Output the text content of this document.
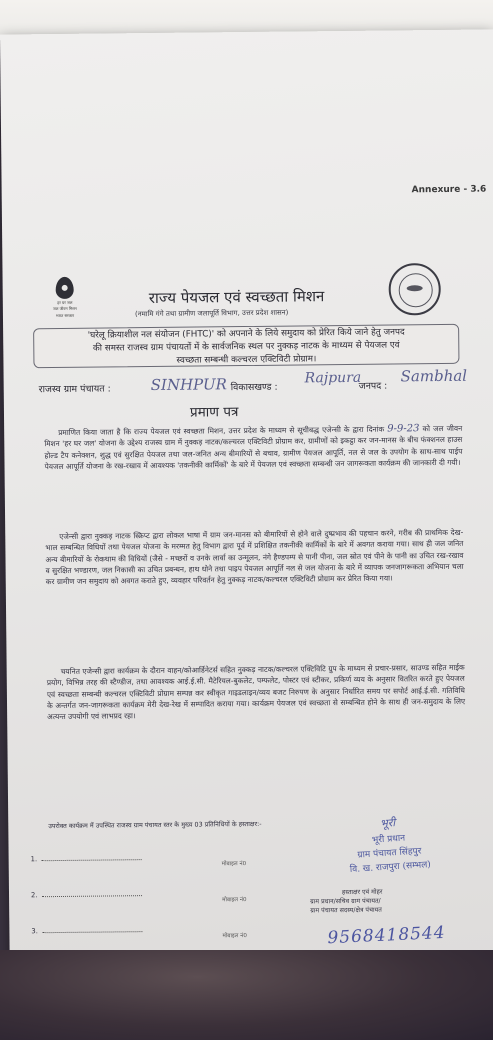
Annexure - 3.6
हर घर जल
जल जीवन मिशन
भारत सरकार
राज्य पेयजल एवं स्वच्छता मिशन
(नमामि गंगे तथा ग्रामीण जलापूर्ति विभाग, उत्तर प्रदेश शासन)
'घरेलू क्रियाशील नल संयोजन (FHTC)' को अपनाने के लिये समुदाय को प्रेरित किये जाने हेतु जनपद
की समस्त राजस्व ग्राम पंचायतों में के सार्वजनिक स्थल पर नुक्कड़ नाटक के माध्यम से पेयजल एवं
स्वच्छता सम्बन्धी कल्चरल एक्टिविटी प्रोग्राम।
राजस्व ग्राम पंचायत :	SINHPUR विकासखण्ड :
Rajpura
जनपद :
Sambhal
प्रमाण पत्र
प्रमाणित किया जाता है कि राज्य पेयजल एवं स्वच्छता मिशन, उत्तर प्रदेश के माध्यम से सूचीबद्ध एजेन्सी के द्वारा दिनांक 9-9-23 को जल जीवन मिशन 'हर घर जल' योजना के उद्देश्य राजस्व ग्राम में नुक्कड़ नाटक/कल्चरल एक्टिविटी प्रोग्राम कर, ग्रामीणों को इकट्ठा कर जन-मानस के बीच फंक्शनल हाउस होल्ड टैप कनेक्शन, शुद्ध एवं सुरक्षित पेयजल तथा जल-जनित अन्य बीमारियों से बचाव, ग्रामीण पेयजल आपूर्ति, नल से जल के उपयोग के साथ-साथ पाईप पेयजल आपूर्ति योजना के रख-रखाव में आवश्यक 'तकनीकी कार्मिकों' के बारे में पेयजल एवं स्वच्छता सम्बन्धी जन जागरूकता कार्यक्रम की जानकारी दी गयी।
एजेन्सी द्वारा नुक्कड़ नाटक स्क्रिप्ट द्वारा लोकल भाषा में ग्राम जन-मानस को बीमारियों से होने वाले दुष्प्रभाव की पहचान करने, गरीब की प्राथमिक देख-भाल सम्बन्धित विधियों तथा पेयजल योजना के मरम्मत हेतु विभाग द्वारा पूर्व में प्रशिक्षित तकनीकी कार्मिकों के बारे में अवगत कराया गया। साथ ही जल जनित अन्य बीमारियों के रोकथाम की विधियों (जैसे - मच्छरों व उनके लार्वा का उन्मूलन, नंगे हैण्डपम्प से पानी पीना, जल स्रोत एवं पीने के पानी का उचित रख-रखाव व सुरक्षित भण्डारण, जल निकासी का उचित प्रबन्धन, हाथ धोने तथा पाइप पेयजल आपूर्ति नल से जल योजना के बारे में व्यापक जनजागरूकता अभियान चला कर ग्रामीण जन समुदाय को अवगत कराते हुए, व्यवहार परिवर्तन हेतु नुक्कड़ नाटक/कल्चरल एक्टिविटी प्रोग्राम कर प्रेरित किया गया।
चयनित एजेन्सी द्वारा कार्यक्रम के दौरान वाहन/कोआर्डिनेटर्स सहित नुक्कड़ नाटक/कल्चरल एक्टिविटि ग्रुप के माध्यम से प्रचार-प्रसार, साउण्ड सहित माईक प्रयोग, विभिन्न तरह की स्टैण्डीज, तथा आवश्यक आई.ई.सी. मैटेरियल-बुकलेट, पम्फलेट, पोस्टर एवं स्टीकर, प्रकिर्ण व्यय के अनुसार वितरित करते हुए पेयजल एवं स्वच्छता सम्बन्धी कल्चरल एक्टिविटी प्रोग्राम सम्पन्न कर स्वीकृत गाइडलाइन/व्यय बजट निरुपण के अनुसार निर्धारित समय पर सपोर्ट आई.ई.सी. गतिविधि के अन्तर्गत जन-जागरूकता कार्यक्रम मेरी देख-रेख में सम्पादित कराया गया। कार्यक्रम पेयजल एवं स्वच्छता से सम्बन्धित होने के साथ ही जन-समुदाय के लिए अत्यन्त उपयोगी एवं लाभप्रद रहा।
उपरोक्त कार्यक्रम में उपस्थित राजस्व ग्राम पंचायत स्तर के मुख्य 03 प्रतिनिधियों के हस्ताक्षर:-
1.
2.
3.
मोबाइल नं0
मोबाइल नं0
मोबाइल नं0
भूरी
भूरी प्रधान
ग्राम पंचायत सिंहपुर
वि. ख. राजपुरा (सम्भल)
हस्ताक्षर एवं मोहर
ग्राम प्रधान/सचिव ग्राम पंचायत/
ग्राम पंचायत सदस्य/क्षेत्र पंचायत
9568418544
